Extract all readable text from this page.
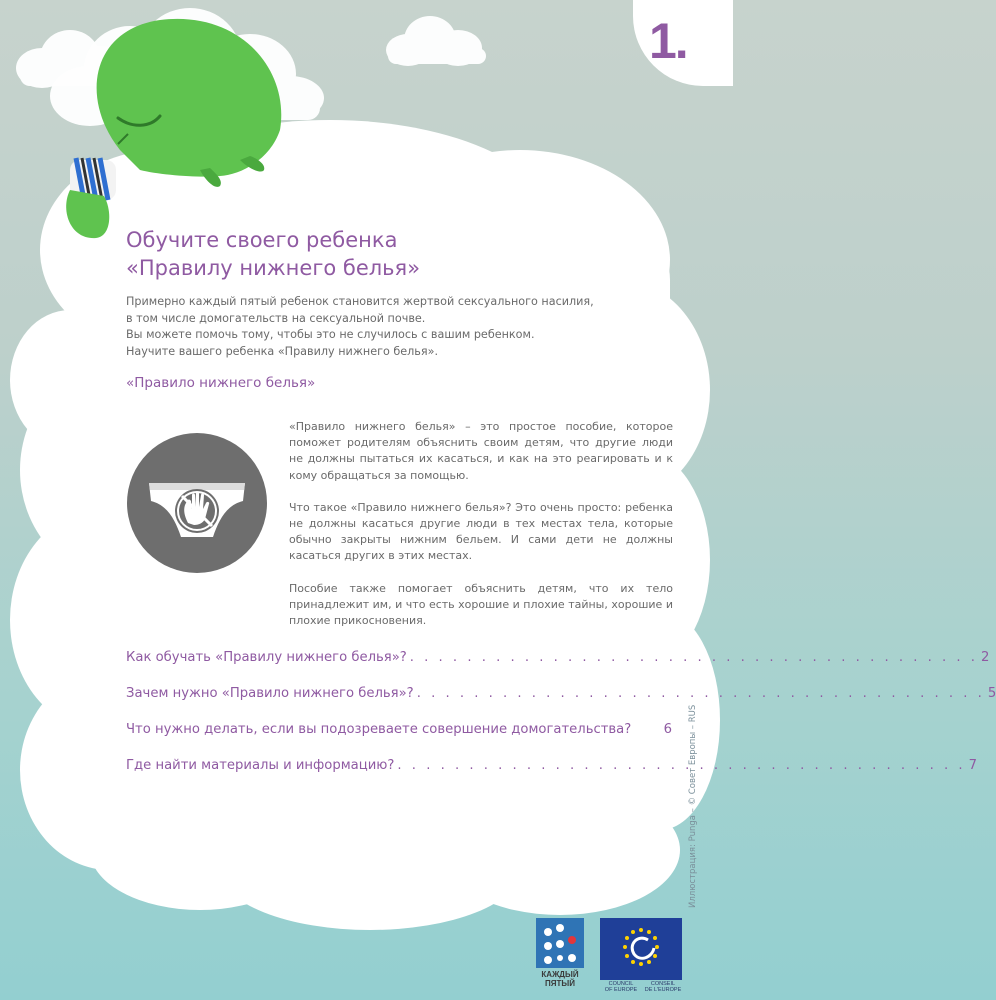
1.
Обучите своего ребенка
«Правилу нижнего белья»

Примерно каждый пятый ребенок становится жертвой сексуального насилия,

в том числе домогательств на сексуальной почве.

Вы можете помочь тому, чтобы это не случилось с вашим ребенком.

Научите вашего ребенка «Правилу нижнего белья».

«Правило нижнего белья»

«Правило нижнего белья» – это простое пособие, которое поможет родителям объяснить своим детям, что другие люди не должны пытаться их касаться, и как на это реагировать и к кому обращаться за помощью.

Что такое «Правило нижнего белья»? Это очень просто: ребенка не должны касаться другие люди в тех местах тела, которые обычно закрыты нижним бельем. И сами дети не должны касаться других в этих местах.

Пособие также помогает объяснить детям, что их тело принадлежит им, и что есть хорошие и плохие тайны, хорошие и плохие прикосновения.

Как обучать «Правилу нижнего белья»? . . . . . . . . . . . . . . . . . . . . . . . . . . . . . . . . . . . . . . . . 2
Зачем нужно «Правило нижнего белья»? . . . . . . . . . . . . . . . . . . . . . . . . . . . . . . . . . . . . . . . . 5
Что нужно делать, если вы подозреваете совершение домогательства? 6
Где найти материалы и информацию? . . . . . . . . . . . . . . . . . . . . . . . . . . . . . . . . . . . . . . . . 7
Иллюстрация: Punga – © Совет Европы – RUS
КАЖДЫЙ
ПЯТЫЙ	COUNCIL
OF EUROPE
CONSEIL
DE L'EUROPE
